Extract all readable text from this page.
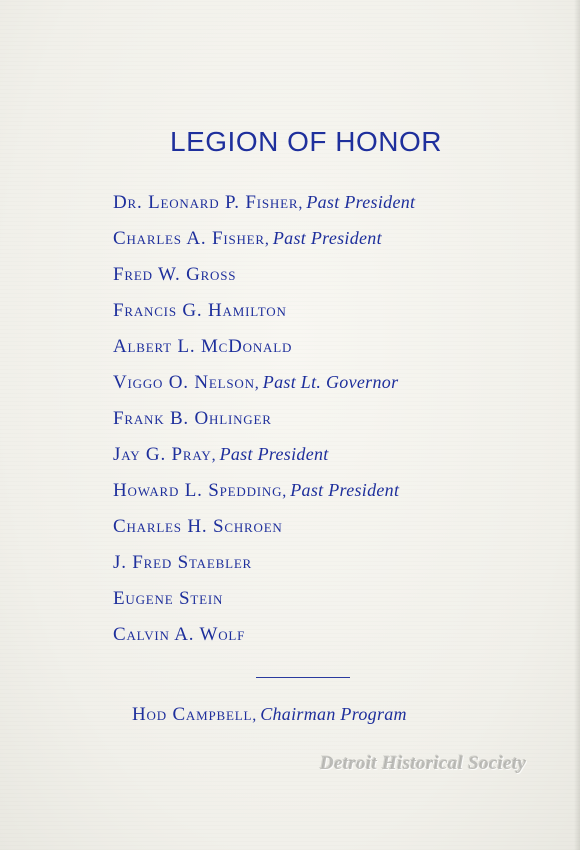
LEGION OF HONOR
Dr. Leonard P. Fisher, Past President
Charles A. Fisher, Past President
Fred W. Gross
Francis G. Hamilton
Albert L. McDonald
Viggo O. Nelson, Past Lt. Governor
Frank B. Ohlinger
Jay G. Pray, Past President
Howard L. Spedding, Past President
Charles H. Schroen
J. Fred Staebler
Eugene Stein
Calvin A. Wolf
Hod Campbell, Chairman Program
Detroit Historical Society
